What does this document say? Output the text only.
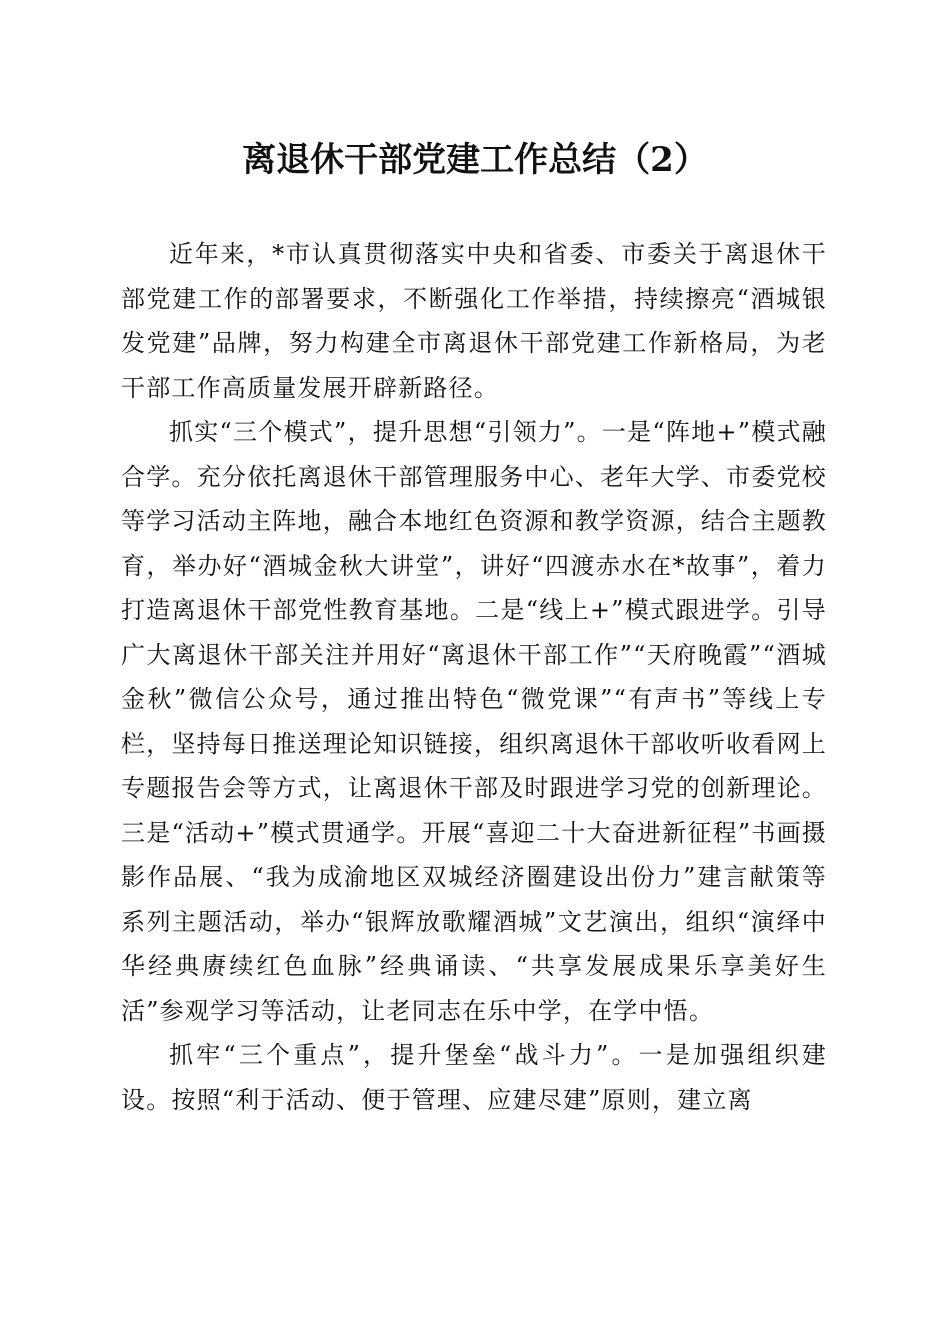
离退休干部党建工作总结（2）

近年来，*市认真贯彻落实中央和省委、市委关于离退休干部党建工作的部署要求，不断强化工作举措，持续擦亮“酒城银发党建”品牌，努力构建全市离退休干部党建工作新格局，为老干部工作高质量发展开辟新路径。

抓实“三个模式”，提升思想“引领力”。一是“阵地+”模式融合学。充分依托离退休干部管理服务中心、老年大学、市委党校等学习活动主阵地，融合本地红色资源和教学资源，结合主题教育，举办好“酒城金秋大讲堂”，讲好“四渡赤水在*故事”，着力打造离退休干部党性教育基地。二是“线上+”模式跟进学。引导广大离退休干部关注并用好“离退休干部工作”“天府晚霞”“酒城金秋”微信公众号，通过推出特色“微党课”“有声书”等线上专栏，坚持每日推送理论知识链接，组织离退休干部收听收看网上专题报告会等方式，让离退休干部及时跟进学习党的创新理论。三是“活动+”模式贯通学。开展“喜迎二十大奋进新征程”书画摄影作品展、“我为成渝地区双城经济圈建设出份力”建言献策等系列主题活动，举办“银辉放歌耀酒城”文艺演出，组织“演绎中华经典赓续红色血脉”经典诵读、“共享发展成果乐享美好生活”参观学习等活动，让老同志在乐中学，在学中悟。

抓牢“三个重点”，提升堡垒“战斗力”。一是加强组织建设。按照“利于活动、便于管理、应建尽建”原则，建立离
